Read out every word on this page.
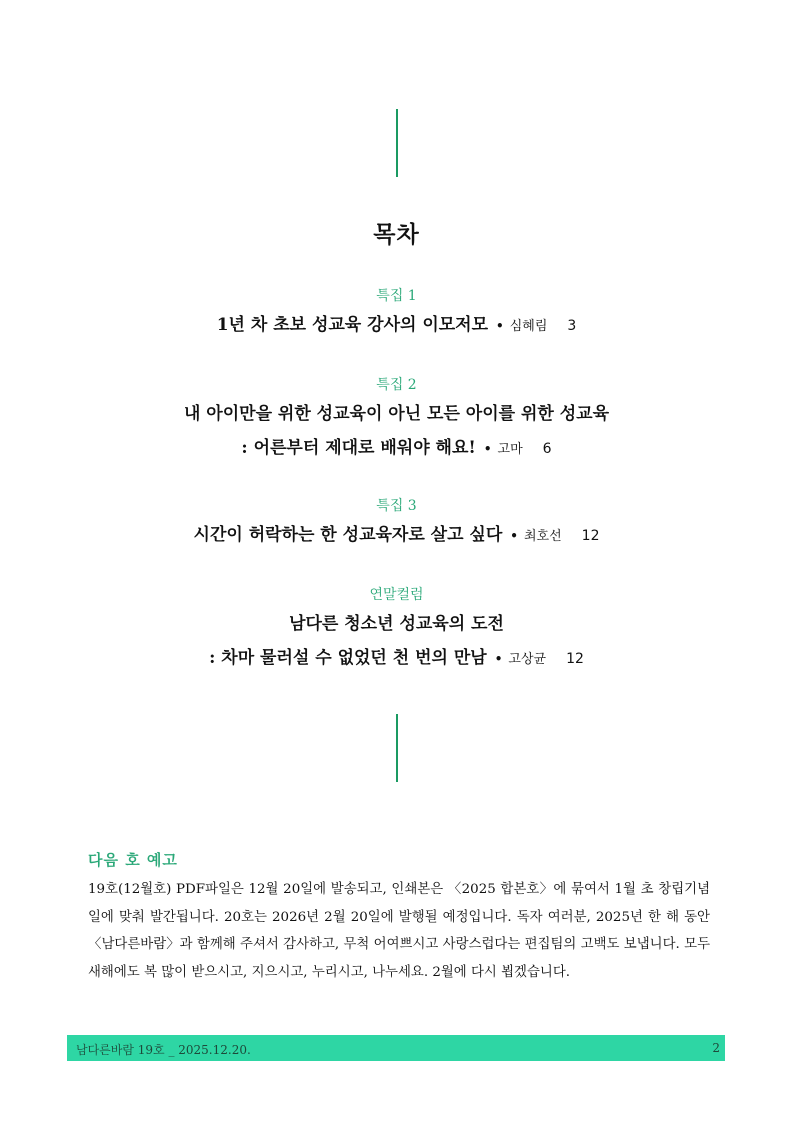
목차
특집 1
1년 차 초보 성교육 강사의 이모저모 • 심혜림 3
특집 2
내 아이만을 위한 성교육이 아닌 모든 아이를 위한 성교육
: 어른부터 제대로 배워야 해요! • 고마 6
특집 3
시간이 허락하는 한 성교육자로 살고 싶다 • 최호선 12
연말컬럼
남다른 청소년 성교육의 도전
: 차마 물러설 수 없었던 천 번의 만남 • 고상균 12
다음 호 예고

19호(12월호) PDF파일은 12월 20일에 발송되고, 인쇄본은 〈2025 합본호〉에 묶여서 1월 초 창립기념일에 맞춰 발간됩니다. 20호는 2026년 2월 20일에 발행될 예정입니다. 독자 여러분, 2025년 한 해 동안 〈남다른바람〉과 함께해 주셔서 감사하고, 무척 어여쁘시고 사랑스럽다는 편집팀의 고백도 보냅니다. 모두 새해에도 복 많이 받으시고, 지으시고, 누리시고, 나누세요. 2월에 다시 뵙겠습니다.

남다른바람 19호 _ 2025.12.20.	2
